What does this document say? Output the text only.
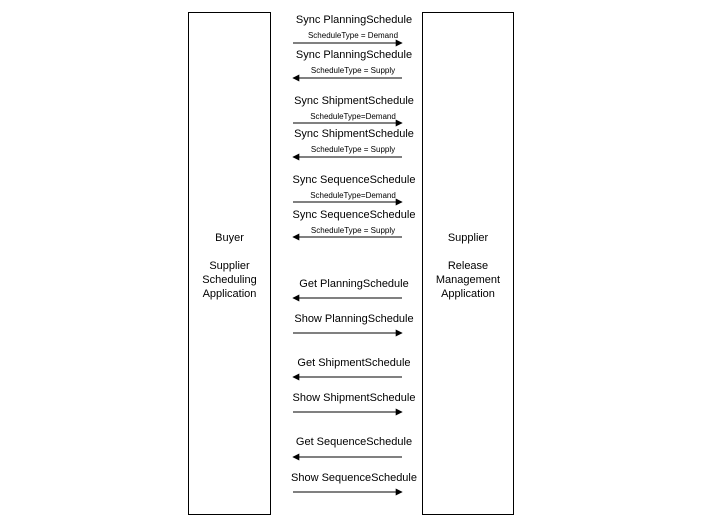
Buyer

Supplier
Scheduling
Application
Supplier

Release
Management
Application
Sync PlanningSchedule
ScheduleType = Demand
Sync PlanningSchedule
ScheduleType = Supply
Sync ShipmentSchedule
ScheduleType=Demand
Sync ShipmentSchedule
ScheduleType = Supply
Sync SequenceSchedule
ScheduleType=Demand
Sync SequenceSchedule
ScheduleType = Supply
Get PlanningSchedule
Show PlanningSchedule
Get ShipmentSchedule
Show ShipmentSchedule
Get SequenceSchedule
Show SequenceSchedule
